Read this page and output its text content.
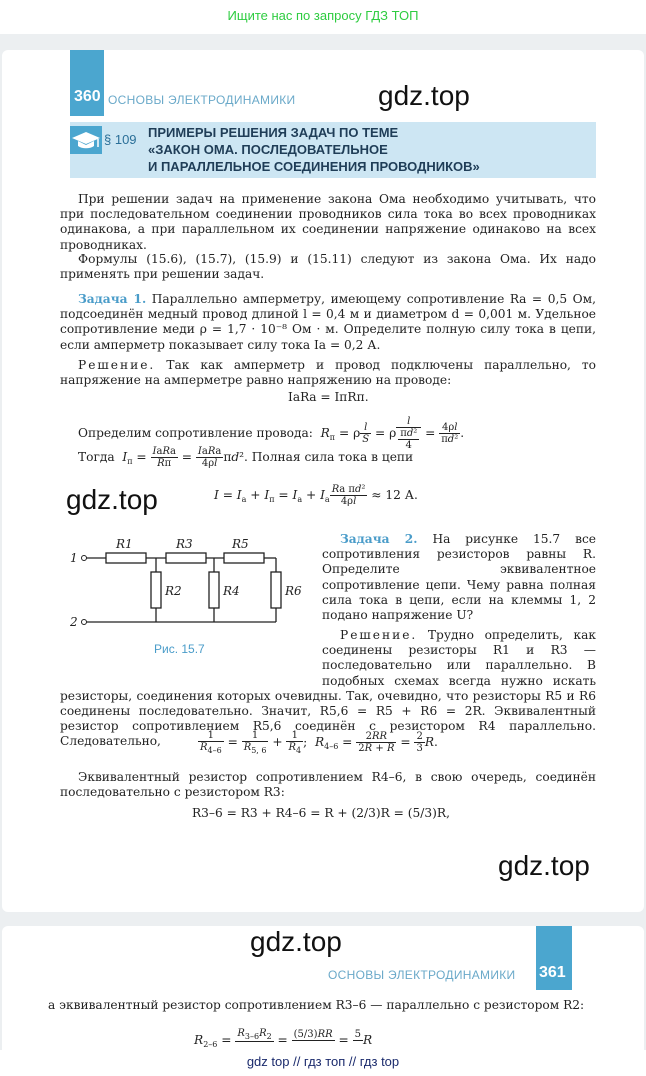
Ищите нас по запросу ГДЗ ТОП
360 ОСНОВЫ ЭЛЕКТРОДИНАМИКИ	gdz.top
§ 109 ПРИМЕРЫ РЕШЕНИЯ ЗАДАЧ ПО ТЕМЕ
«ЗАКОН ОМА. ПОСЛЕДОВАТЕЛЬНОЕ
И ПАРАЛЛЕЛЬНОЕ СОЕДИНЕНИЯ ПРОВОДНИКОВ»
При решении задач на применение закона Ома необходимо учитывать, что при последовательном соединении проводников сила тока во всех проводниках одинакова, а при параллельном их соединении напряжение одинаково на всех проводниках.
Формулы (15.6), (15.7), (15.9) и (15.11) следуют из закона Ома. Их надо применять при решении задач.
Задача 1. Параллельно амперметру, имеющему сопротивление Rа = 0,5 Ом, подсоединён медный провод длиной l = 0,4 м и диаметром d = 0,001 м. Удельное сопротивление меди ρ = 1,7 · 10⁻⁸ Ом · м. Определите полную силу тока в цепи, если амперметр показывает силу тока Iа = 0,2 А.
Решение. Так как амперметр и провод подключены параллельно, то напряжение на амперметре равно напряжению на проводе:
IаRа = IпRп.
Определим сопротивление провода: $R_п = \rho \frac{l}{S} = \rho \frac{l}{\frac{\text{πd²}}{4}} = \frac{4\rho l}{\text{πd²}}$ .
Тогда $I_п = \frac{\text{IаRа}}{Rп} = \frac{\text{IаRа}}{4\rho l} \pi d^2$. Полная сила тока в цепи
gdz.top	$I = I_а + I_п = I_а + I_а \frac{\text{Rа πd²}}{4\rho l} \approx 12$ А.
1
2
R1	R3	R5
R2	R4	R6
Рис. 15.7
Задача 2. На рисунке 15.7 все сопротивления резисторов равны R. Определите эквивалентное сопротивление цепи. Чему равна полная сила тока в цепи, если на клеммы 1, 2 подано напряжение U?
Решение. Трудно определить, как соединены резисторы R1 и R3 — последовательно или параллельно. В подобных схемах всегда нужно искать резисторы, соединения которых очевидны. Так, очевидно, что резисторы R5 и R6 соединены последовательно. Значит, R5,6 = R5 + R6 = 2R. Эквивалентный резистор сопротивлением R5,6 соединён с резистором R4 параллельно. Следовательно,	$\frac{1}{R_{4-6}} = \frac{1}{R_{5, 6}} + \frac{1}{R_4}$ ;  $R_{4-6} = \frac{2RR}{2R + R} = \frac{2}{3} R$.
Эквивалентный резистор сопротивлением R4–6, в свою очередь, соединён последовательно с резистором R3:
R3–6 = R3 + R4–6 = R + (2/3)R = (5/3)R,
gdz.top
gdz.top
ОСНОВЫ ЭЛЕКТРОДИНАМИКИ 361
а эквивалентный резистор сопротивлением R3–6 — параллельно с резистором R2:
$R_{2-6} = R_{3-6}R_2$
= (5/3)RR
= 5
R
gdz top // гдз топ // гдз top
